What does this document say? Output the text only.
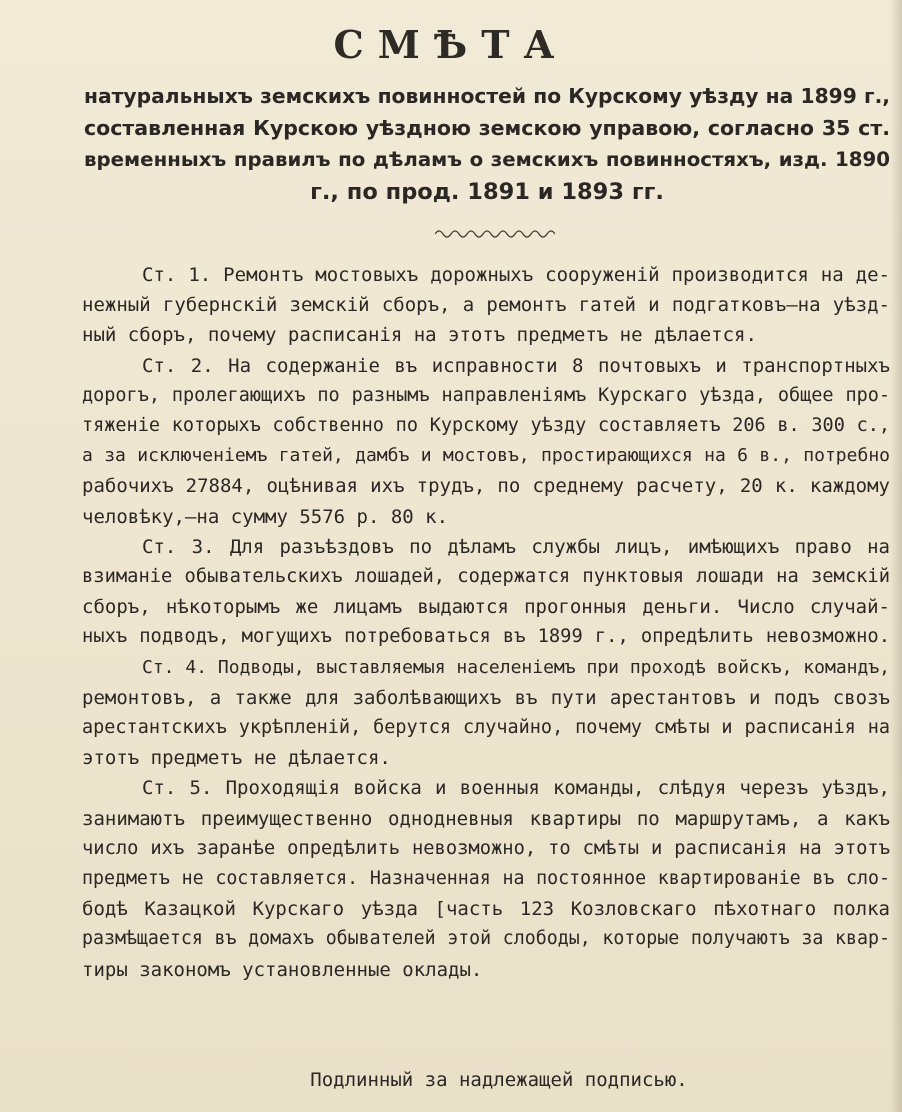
СМѢТА
натуральныхъ земскихъ повинностей по Курскому уѣзду на 1899 г.,
составленная Курскою уѣздною земскою управою, согласно 35 ст.
временныхъ правилъ по дѣламъ о земскихъ повинностяхъ, изд. 1890
г., по прод. 1891 и 1893 гг.
Ст. 1. Ремонтъ мостовыхъ дорожныхъ сооруженій производится на де-
нежный губернскій земскій сборъ, а ремонтъ гатей и подгатковъ—на уѣзд-
ный сборъ, почему расписанія на этотъ предметъ не дѣлается.
Ст. 2. На содержаніе въ исправности 8 почтовыхъ и транспортныхъ
дорогъ, пролегающихъ по разнымъ направленіямъ Курскаго уѣзда, общее про-
тяженіе которыхъ собственно по Курскому уѣзду составляетъ 206 в. 300 с.,
а за исключеніемъ гатей, дамбъ и мостовъ, простирающихся на 6 в., потребно
рабочихъ 27884, оцѣнивая ихъ трудъ, по среднему расчету, 20 к. каждому
человѣку,—на сумму 5576 р. 80 к.
Ст. 3. Для разъѣздовъ по дѣламъ службы лицъ, имѣющихъ право на
взиманіе обывательскихъ лошадей, содержатся пунктовыя лошади на земскій
сборъ, нѣкоторымъ же лицамъ выдаются прогонныя деньги. Число случай-
ныхъ подводъ, могущихъ потребоваться въ 1899 г., опредѣлить невозможно.
Ст. 4. Подводы, выставляемыя населеніемъ при проходѣ войскъ, командъ,
ремонтовъ, а также для заболѣвающихъ въ пути арестантовъ и подъ свозъ
арестантскихъ укрѣпленій, берутся случайно, почему смѣты и расписанія на
этотъ предметъ не дѣлается.
Ст. 5. Проходящія войска и военныя команды, слѣдуя черезъ уѣздъ,
занимаютъ преимущественно однодневныя квартиры по маршрутамъ, а какъ
число ихъ заранѣе опредѣлить невозможно, то смѣты и расписанія на этотъ
предметъ не составляется. Назначенная на постоянное квартированіе въ сло-
бодѣ Казацкой Курскаго уѣзда [часть 123 Козловскаго пѣхотнаго полка
размѣщается въ домахъ обывателей этой слободы, которые получаютъ за квар-
тиры закономъ установленные оклады.
Подлинный за надлежащей подписью.
